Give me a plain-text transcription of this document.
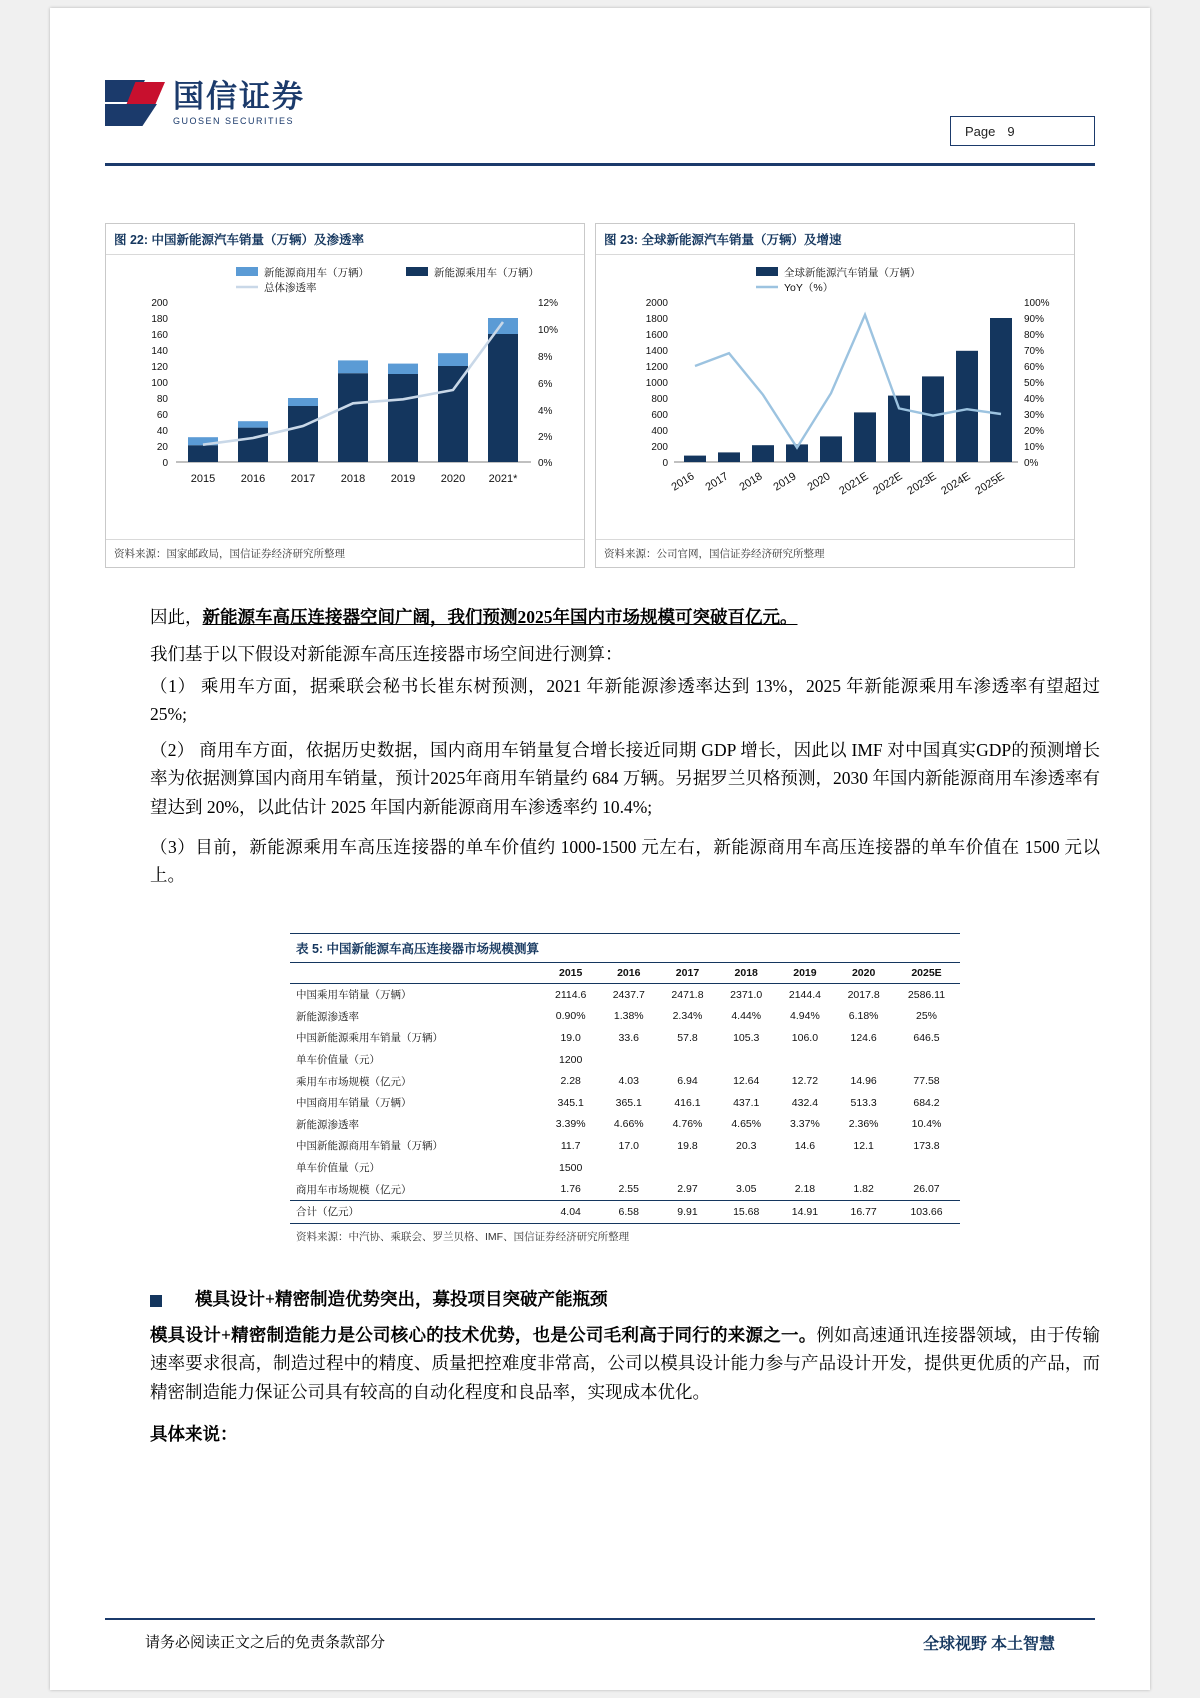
国信证券
GUOSEN SECURITIES
Page 9
图 22: 中国新能源汽车销量（万辆）及渗透率
新能源商用车（万辆）	新能源乘用车（万辆）
总体渗透率
200
180
160
140
120
100
80
60
40
20
0
12%
10%
8%
6%
4%
2%
0%
2015 2016 2017 2018 2019 2020 2021*
资料来源：国家邮政局，国信证券经济研究所整理
图 23: 全球新能源汽车销量（万辆）及增速
全球新能源汽车销量（万辆）
YoY（%）
2000
1800
1600
1400
1200
1000
800
600
400
200
0
100%
90%
80%
70%
60%
50%
40%
30%
20%
10%
0%
2016 2017 2018 2019 2020 2021E 2022E 2023E 2024E 2025E
资料来源：公司官网，国信证券经济研究所整理
因此，新能源车高压连接器空间广阔，我们预测2025年国内市场规模可突破百亿元。
我们基于以下假设对新能源车高压连接器市场空间进行测算：
（1） 乘用车方面，据乘联会秘书长崔东树预测，2021 年新能源渗透率达到 13%，2025 年新能源乘用车渗透率有望超过 25%;
（2） 商用车方面，依据历史数据，国内商用车销量复合增长接近同期 GDP 增长，因此以 IMF 对中国真实GDP的预测增长率为依据测算国内商用车销量，预计2025年商用车销量约 684 万辆。另据罗兰贝格预测，2030 年国内新能源商用车渗透率有望达到 20%，以此估计 2025 年国内新能源商用车渗透率约 10.4%;
（3）目前，新能源乘用车高压连接器的单车价值约 1000-1500 元左右，新能源商用车高压连接器的单车价值在 1500 元以上。
表 5: 中国新能源车高压连接器市场规模测算
	2015	2016	2017	2018	2019	2020	2025E
中国乘用车销量（万辆）	2114.6	2437.7	2471.8	2371.0	2144.4	2017.8	2586.11
新能源渗透率	0.90%	1.38%	2.34%	4.44%	4.94%	6.18%	25%
中国新能源乘用车销量（万辆）	19.0	33.6	57.8	105.3	106.0	124.6	646.5
单车价值量（元）	1200						
乘用车市场规模（亿元）	2.28	4.03	6.94	12.64	12.72	14.96	77.58
中国商用车销量（万辆）	345.1	365.1	416.1	437.1	432.4	513.3	684.2
新能源渗透率	3.39%	4.66%	4.76%	4.65%	3.37%	2.36%	10.4%
中国新能源商用车销量（万辆）	11.7	17.0	19.8	20.3	14.6	12.1	173.8
单车价值量（元）	1500						
商用车市场规模（亿元）	1.76	2.55	2.97	3.05	2.18	1.82	26.07
合计（亿元）	4.04	6.58	9.91	15.68	14.91	16.77	103.66
资料来源：中汽协、乘联会、罗兰贝格、IMF、国信证券经济研究所整理
模具设计+精密制造优势突出，募投项目突破产能瓶颈
模具设计+精密制造能力是公司核心的技术优势，也是公司毛利高于同行的来源之一。例如高速通讯连接器领域，由于传输速率要求很高，制造过程中的精度、质量把控难度非常高，公司以模具设计能力参与产品设计开发，提供更优质的产品，而精密制造能力保证公司具有较高的自动化程度和良品率，实现成本优化。
具体来说：
请务必阅读正文之后的免责条款部分	全球视野 本土智慧
